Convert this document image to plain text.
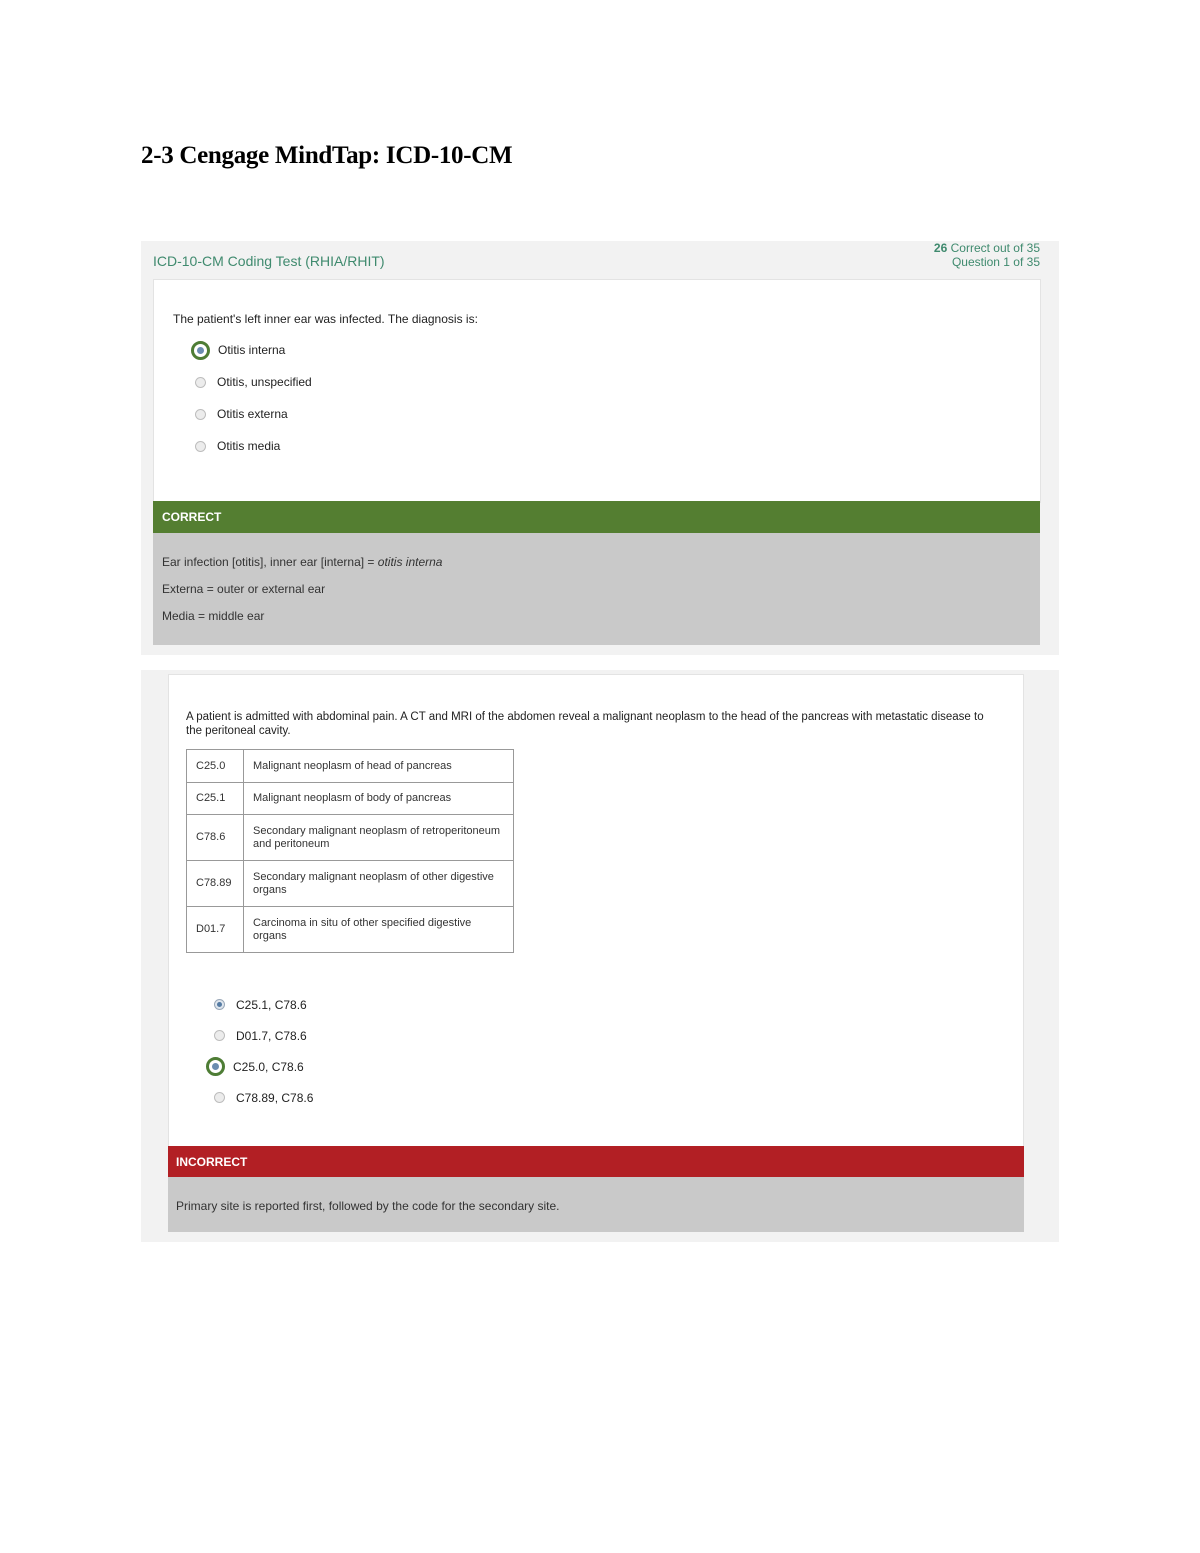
2-3 Cengage MindTap: ICD-10-CM
ICD-10-CM Coding Test (RHIA/RHIT)
26 Correct out of 35
Question 1 of 35
The patient's left inner ear was infected. The diagnosis is:
Otitis interna
Otitis, unspecified
Otitis externa
Otitis media
CORRECT
Ear infection [otitis], inner ear [interna] = otitis interna
Externa = outer or external ear
Media = middle ear
A patient is admitted with abdominal pain. A CT and MRI of the abdomen reveal a malignant neoplasm to the head of the pancreas with metastatic disease to the peritoneal cavity.
C25.0	Malignant neoplasm of head of pancreas
C25.1	Malignant neoplasm of body of pancreas
C78.6	Secondary malignant neoplasm of retroperitoneum and peritoneum
C78.89	Secondary malignant neoplasm of other digestive organs
D01.7	Carcinoma in situ of other specified digestive organs
C25.1, C78.6
D01.7, C78.6
C25.0, C78.6
C78.89, C78.6
INCORRECT
Primary site is reported first, followed by the code for the secondary site.
